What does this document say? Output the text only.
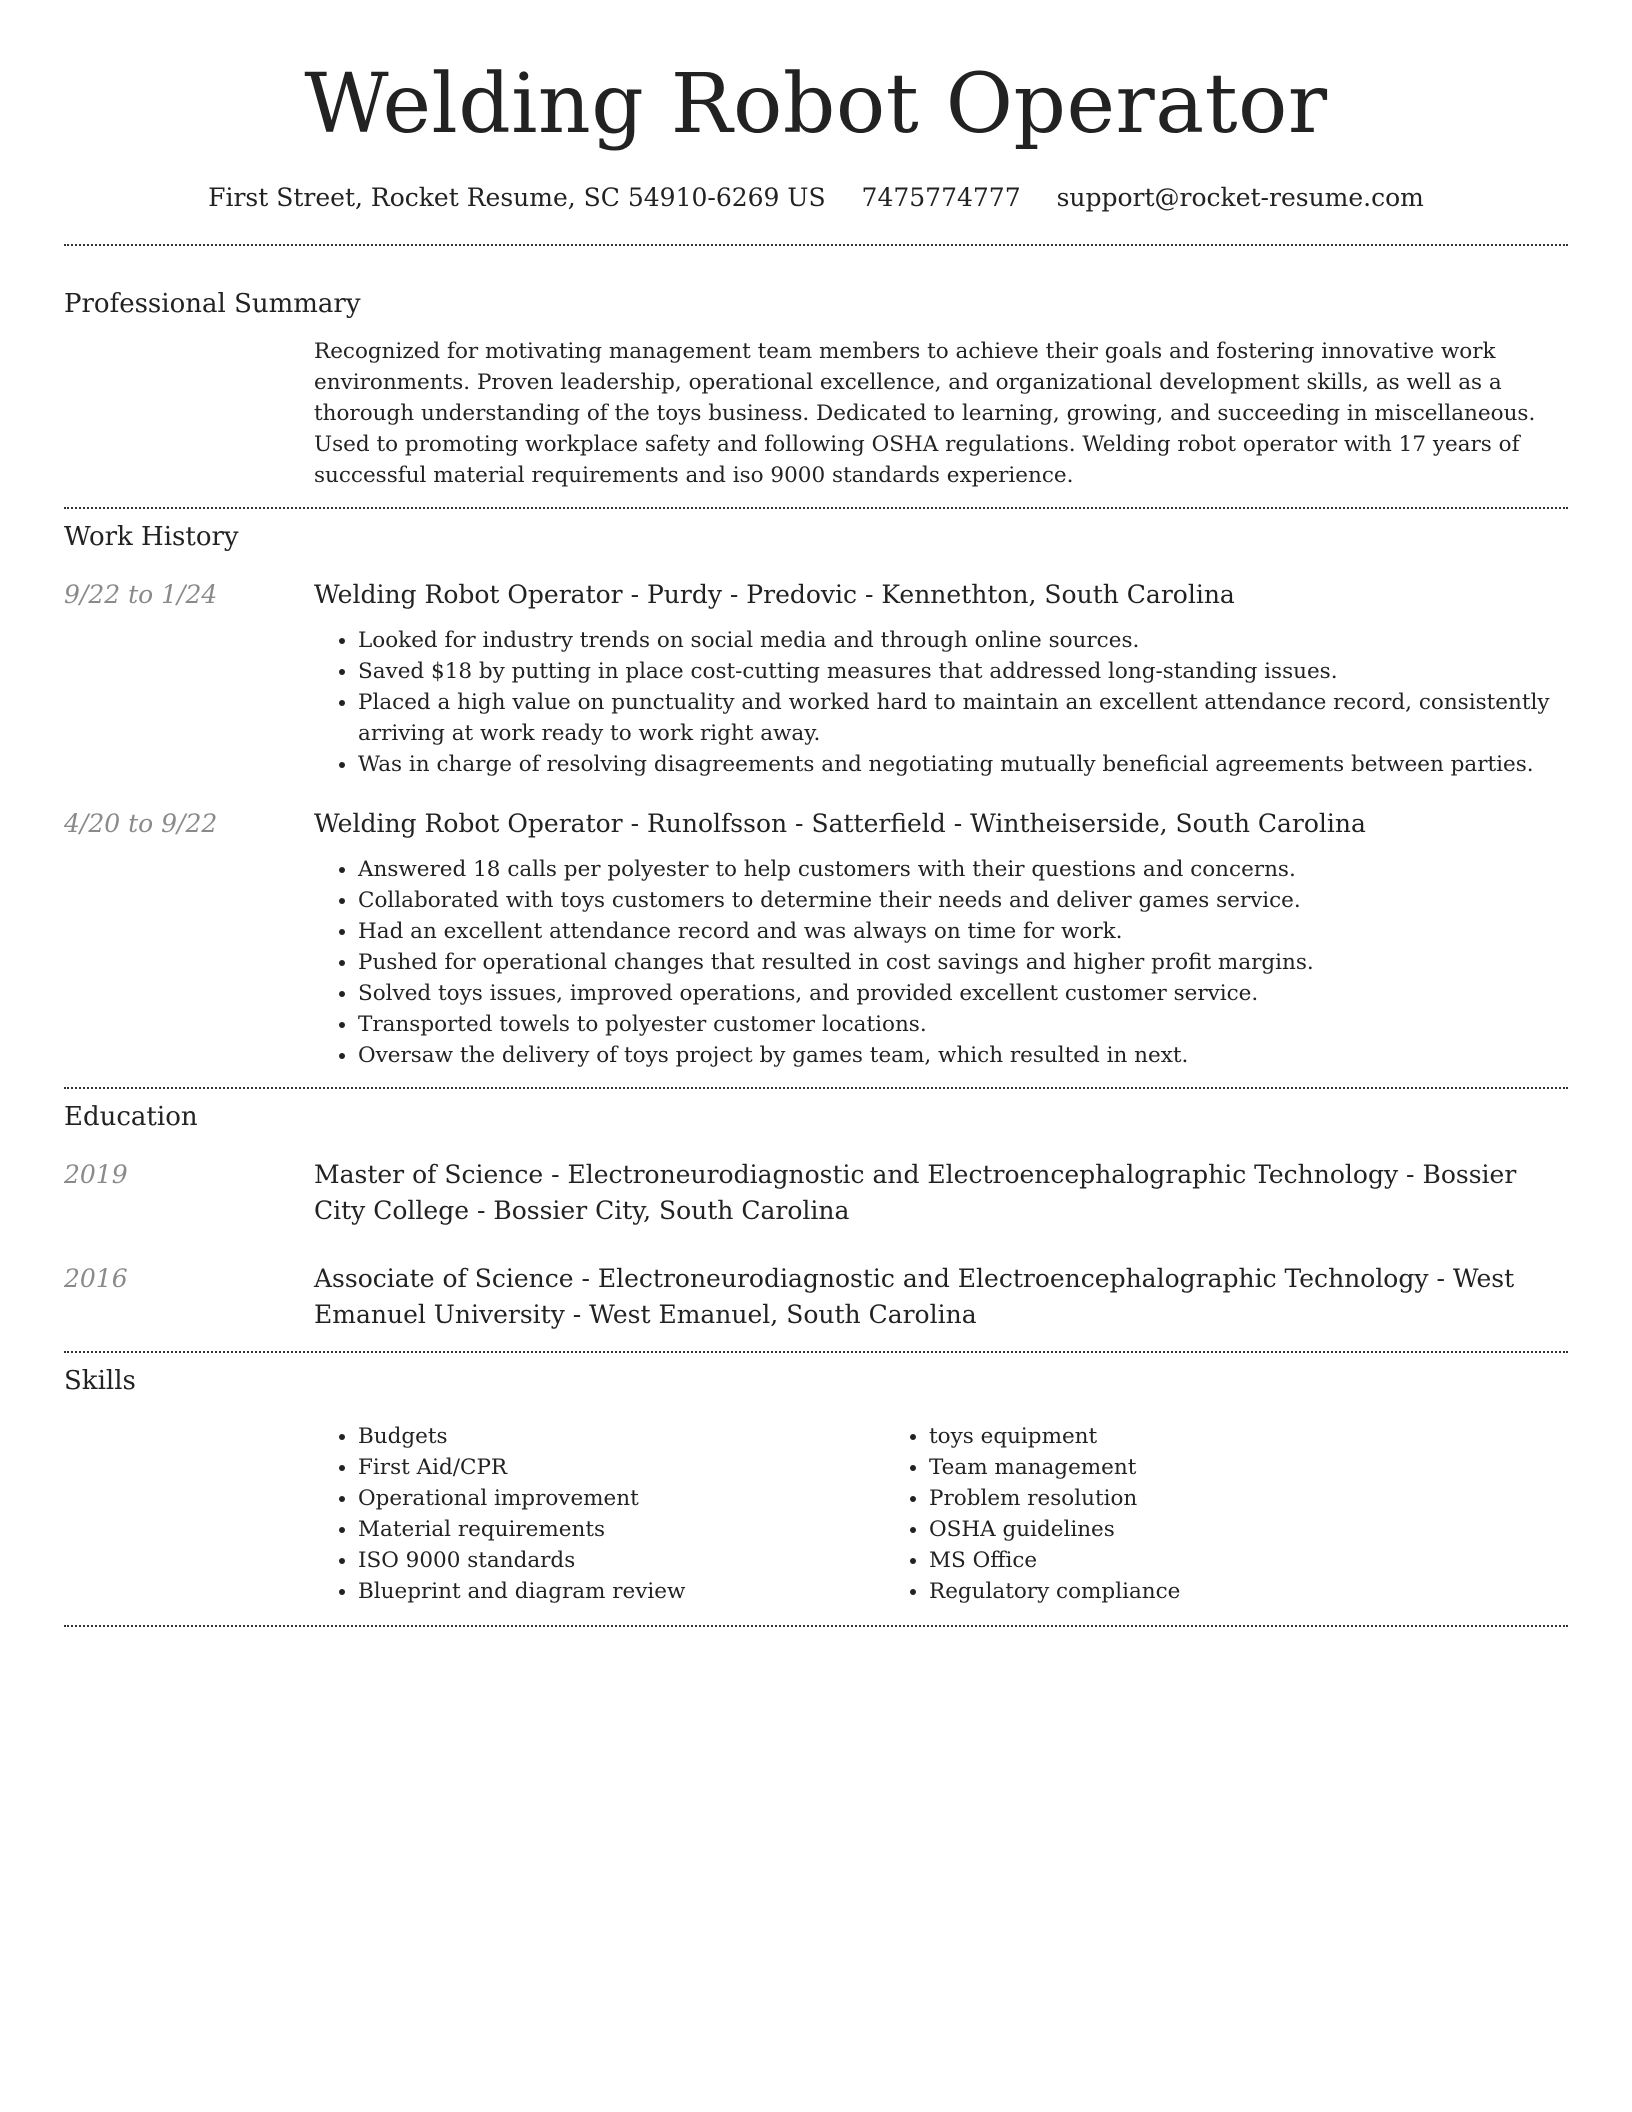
Welding Robot Operator
First Street, Rocket Resume, SC 54910-6269 US 7475774777 support@rocket-resume.com
Professional Summary

Recognized for motivating management team members to achieve their goals and fostering innovative work environments. Proven leadership, operational excellence, and organizational development skills, as well as a thorough understanding of the toys business. Dedicated to learning, growing, and succeeding in miscellaneous. Used to promoting workplace safety and following OSHA regulations. Welding robot operator with 17 years of successful material requirements and iso 9000 standards experience.

Work History
9/22 to 1/24	Welding Robot Operator - Purdy - Predovic - Kennethton, South Carolina

• Looked for industry trends on social media and through online sources.
• Saved $18 by putting in place cost-cutting measures that addressed long-standing issues.
• Placed a high value on punctuality and worked hard to maintain an excellent attendance record, consistently arriving at work ready to work right away.
• Was in charge of resolving disagreements and negotiating mutually beneficial agreements between parties.
4/20 to 9/22	Welding Robot Operator - Runolfsson - Satterfield - Wintheiserside, South Carolina

• Answered 18 calls per polyester to help customers with their questions and concerns.
• Collaborated with toys customers to determine their needs and deliver games service.
• Had an excellent attendance record and was always on time for work.
• Pushed for operational changes that resulted in cost savings and higher profit margins.
• Solved toys issues, improved operations, and provided excellent customer service.
• Transported towels to polyester customer locations.
• Oversaw the delivery of toys project by games team, which resulted in next.
Education
2019	Master of Science - Electroneurodiagnostic and Electroencephalographic Technology - Bossier City College - Bossier City, South Carolina

2016	Associate of Science - Electroneurodiagnostic and Electroencephalographic Technology - West Emanuel University - West Emanuel, South Carolina

Skills
• Budgets
• First Aid/CPR
• Operational improvement
• Material requirements
• ISO 9000 standards
• Blueprint and diagram review
• toys equipment
• Team management
• Problem resolution
• OSHA guidelines
• MS Office
• Regulatory compliance
